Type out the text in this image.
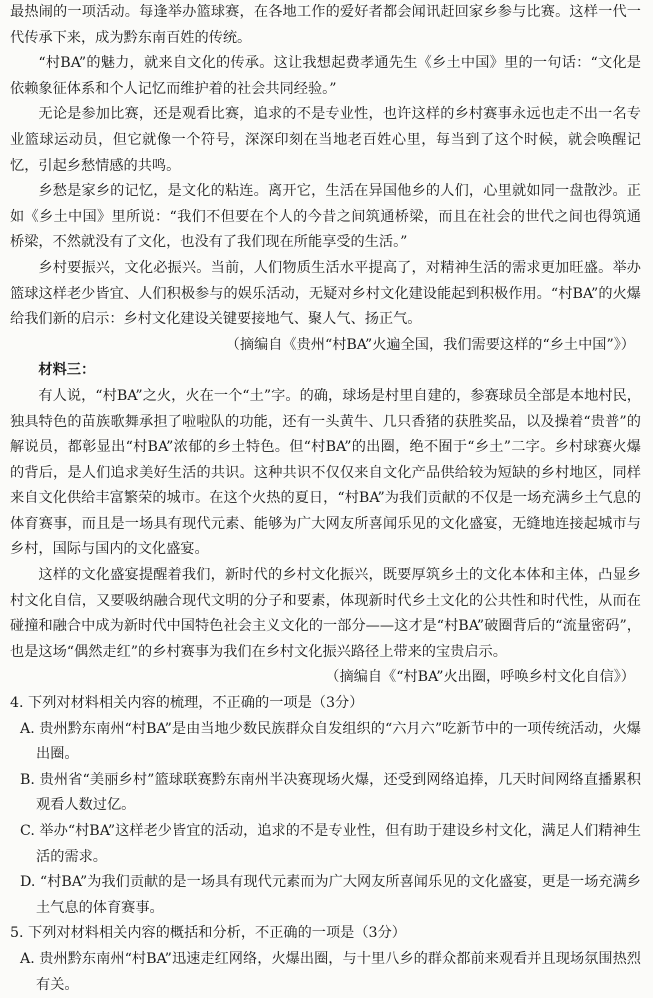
最热闹的一项活动。每逢举办篮球赛，在各地工作的爱好者都会闻讯赶回家乡参与比赛。这样一代一代传承下来，成为黔东南百姓的传统。

“村BA”的魅力，就来自文化的传承。这让我想起费孝通先生《乡土中国》里的一句话：“文化是依赖象征体系和个人记忆而维护着的社会共同经验。”

无论是参加比赛，还是观看比赛，追求的不是专业性，也许这样的乡村赛事永远也走不出一名专业篮球运动员，但它就像一个符号，深深印刻在当地老百姓心里，每当到了这个时候，就会唤醒记忆，引起乡愁情感的共鸣。

乡愁是家乡的记忆，是文化的粘连。离开它，生活在异国他乡的人们，心里就如同一盘散沙。正如《乡土中国》里所说：“我们不但要在个人的今昔之间筑通桥梁，而且在社会的世代之间也得筑通桥梁，不然就没有了文化，也没有了我们现在所能享受的生活。”

乡村要振兴，文化必振兴。当前，人们物质生活水平提高了，对精神生活的需求更加旺盛。举办篮球这样老少皆宜、人们积极参与的娱乐活动，无疑对乡村文化建设能起到积极作用。“村BA”的火爆给我们新的启示：乡村文化建设关键要接地气、聚人气、扬正气。

（摘编自《贵州“村BA”火遍全国，我们需要这样的“乡土中国”》）

材料三：

有人说，“村BA”之火，火在一个“土”字。的确，球场是村里自建的，参赛球员全部是本地村民，独具特色的苗族歌舞承担了啦啦队的功能，还有一头黄牛、几只香猪的获胜奖品，以及操着“贵普”的解说员，都彰显出“村BA”浓郁的乡土特色。但“村BA”的出圈，绝不囿于“乡土”二字。乡村球赛火爆的背后，是人们追求美好生活的共识。这种共识不仅仅来自文化产品供给较为短缺的乡村地区，同样来自文化供给丰富繁荣的城市。在这个火热的夏日，“村BA”为我们贡献的不仅是一场充满乡土气息的体育赛事，而且是一场具有现代元素、能够为广大网友所喜闻乐见的文化盛宴，无缝地连接起城市与乡村，国际与国内的文化盛宴。

这样的文化盛宴提醒着我们，新时代的乡村文化振兴，既要厚筑乡土的文化本体和主体，凸显乡村文化自信，又要吸纳融合现代文明的分子和要素，体现新时代乡土文化的公共性和时代性，从而在碰撞和融合中成为新时代中国特色社会主义文化的一部分——这才是“村BA”破圈背后的“流量密码”，也是这场“偶然走红”的乡村赛事为我们在乡村文化振兴路径上带来的宝贵启示。

（摘编自《“村BA”火出圈，呼唤乡村文化自信》）

4. 下列对材料相关内容的梳理，不正确的一项是（3分）

A. 贵州黔东南州“村BA”是由当地少数民族群众自发组织的“六月六”吃新节中的一项传统活动，火爆出圈。

B. 贵州省“美丽乡村”篮球联赛黔东南州半决赛现场火爆，还受到网络追捧，几天时间网络直播累积观看人数过亿。

C. 举办“村BA”这样老少皆宜的活动，追求的不是专业性，但有助于建设乡村文化，满足人们精神生活的需求。

D. “村BA”为我们贡献的是一场具有现代元素而为广大网友所喜闻乐见的文化盛宴，更是一场充满乡土气息的体育赛事。

5. 下列对材料相关内容的概括和分析，不正确的一项是（3分）

A. 贵州黔东南州“村BA”迅速走红网络，火爆出圈，与十里八乡的群众都前来观看并且现场氛围热烈有关。
